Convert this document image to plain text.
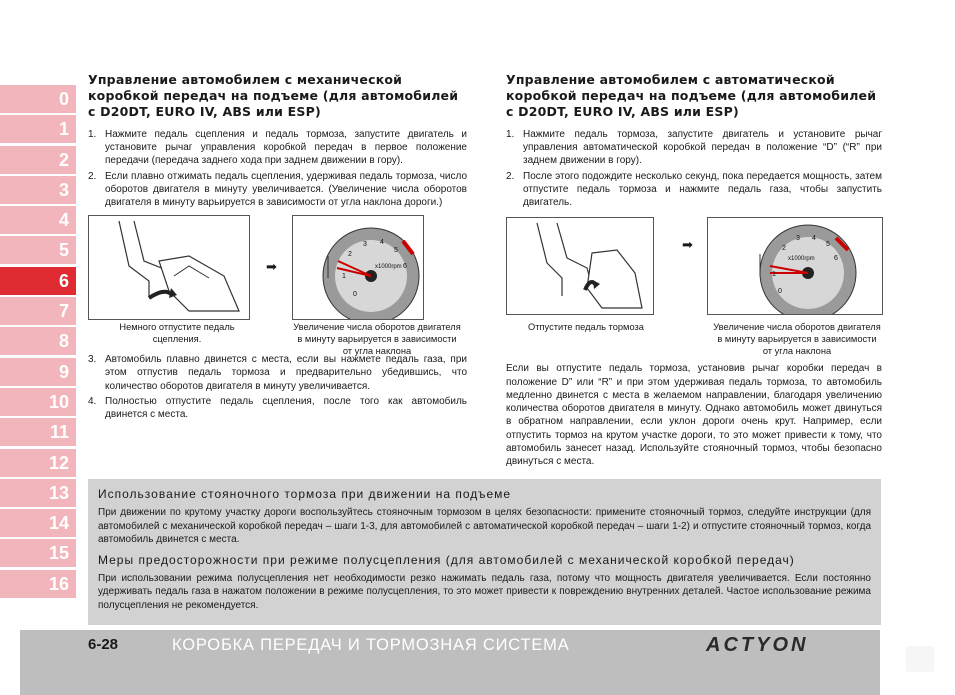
0
1
2
3
4
5
6
7
8
9
10
11
12
13
14
15
16
Управление автомобилем с механической коробкой передач на подъеме (для автомобилей с D20DT, EURO IV, ABS или ESP)
1. Нажмите педаль сцепления и педаль тормоза, запустите двигатель и установите рычаг управления коробкой передач в первое положение передачи (передача заднего хода при заднем движении в гору).
2. Если плавно отжимать педаль сцепления, удерживая педаль тормоза, число оборотов двигателя в минуту увеличивается. (Увеличение числа оборотов двигателя в минуту варьируется в зависимости от угла наклона дороги.)
➡	x1000rpm
0
1
2
3 4
5
6
Немного отпустите педаль сцепления.
Увеличение числа оборотов двигателя в минуту варьируется в зависимости от угла наклона
3. Автомобиль плавно двинется с места, если вы нажмете педаль газа, при этом отпустив педаль тормоза и предварительно убедившись, что количество оборотов двигателя в минуту увеличивается.
4. Полностью отпустите педаль сцепления, после того как автомобиль двинется с места.
Управление автомобилем с автоматической коробкой передач на подъеме (для автомобилей с D20DT, EURO IV, ABS или ESP)
1. Нажмите педаль тормоза, запустите двигатель и установите рычаг управления автоматической коробкой передач в положение “D” (“R” при заднем движении в гору).
2. После этого подождите несколько секунд, пока передается мощность, затем отпустите педаль тормоза и нажмите педаль газа, чтобы запустить двигатель.
➡
x1000rpm
0
1
2
3 4
5
6
Отпустите педаль тормоза	Увеличение числа оборотов двигателя в минуту варьируется в зависимости от угла наклона
Если вы отпустите педаль тормоза, установив рычаг коробки передач в положение D” или “R” и при этом удерживая педаль тормоза, то автомобиль медленно двинется с места в желаемом направлении, благодаря увеличению количества оборотов двигателя в минуту. Однако автомобиль может двинуться в обратном направлении, если уклон дороги очень крут. Например, если отпустить тормоз на крутом участке дороги, то это может привести к тому, что автомобиль занесет назад. Используйте стояночный тормоз, чтобы безопасно двинуться с места.
Использование стояночного тормоза при движении на подъеме

При движении по крутому участку дороги воспользуйтесь стояночным тормозом в целях безопасности: примените стояночный тормоз, следуйте инструкции (для автомобилей с механической коробкой передач – шаги 1-3, для автомобилей с автоматической коробкой передач – шаги 1-2) и отпустите стояночный тормоз, когда автомобиль двинется с места.

Меры предосторожности при режиме полусцепления (для автомобилей с механической коробкой передач)

При использовании режима полусцепления нет необходимости резко нажимать педаль газа, потому что мощность двигателя увеличивается. Если постоянно удерживать педаль газа в нажатом положении в режиме полусцепления, то это может привести к повреждению внутренних деталей. Частое использование режима полусцепления не рекомендуется.

6-28	КОРОБКА ПЕРЕДАЧ И ТОРМОЗНАЯ СИСТЕМА	ACTYON
